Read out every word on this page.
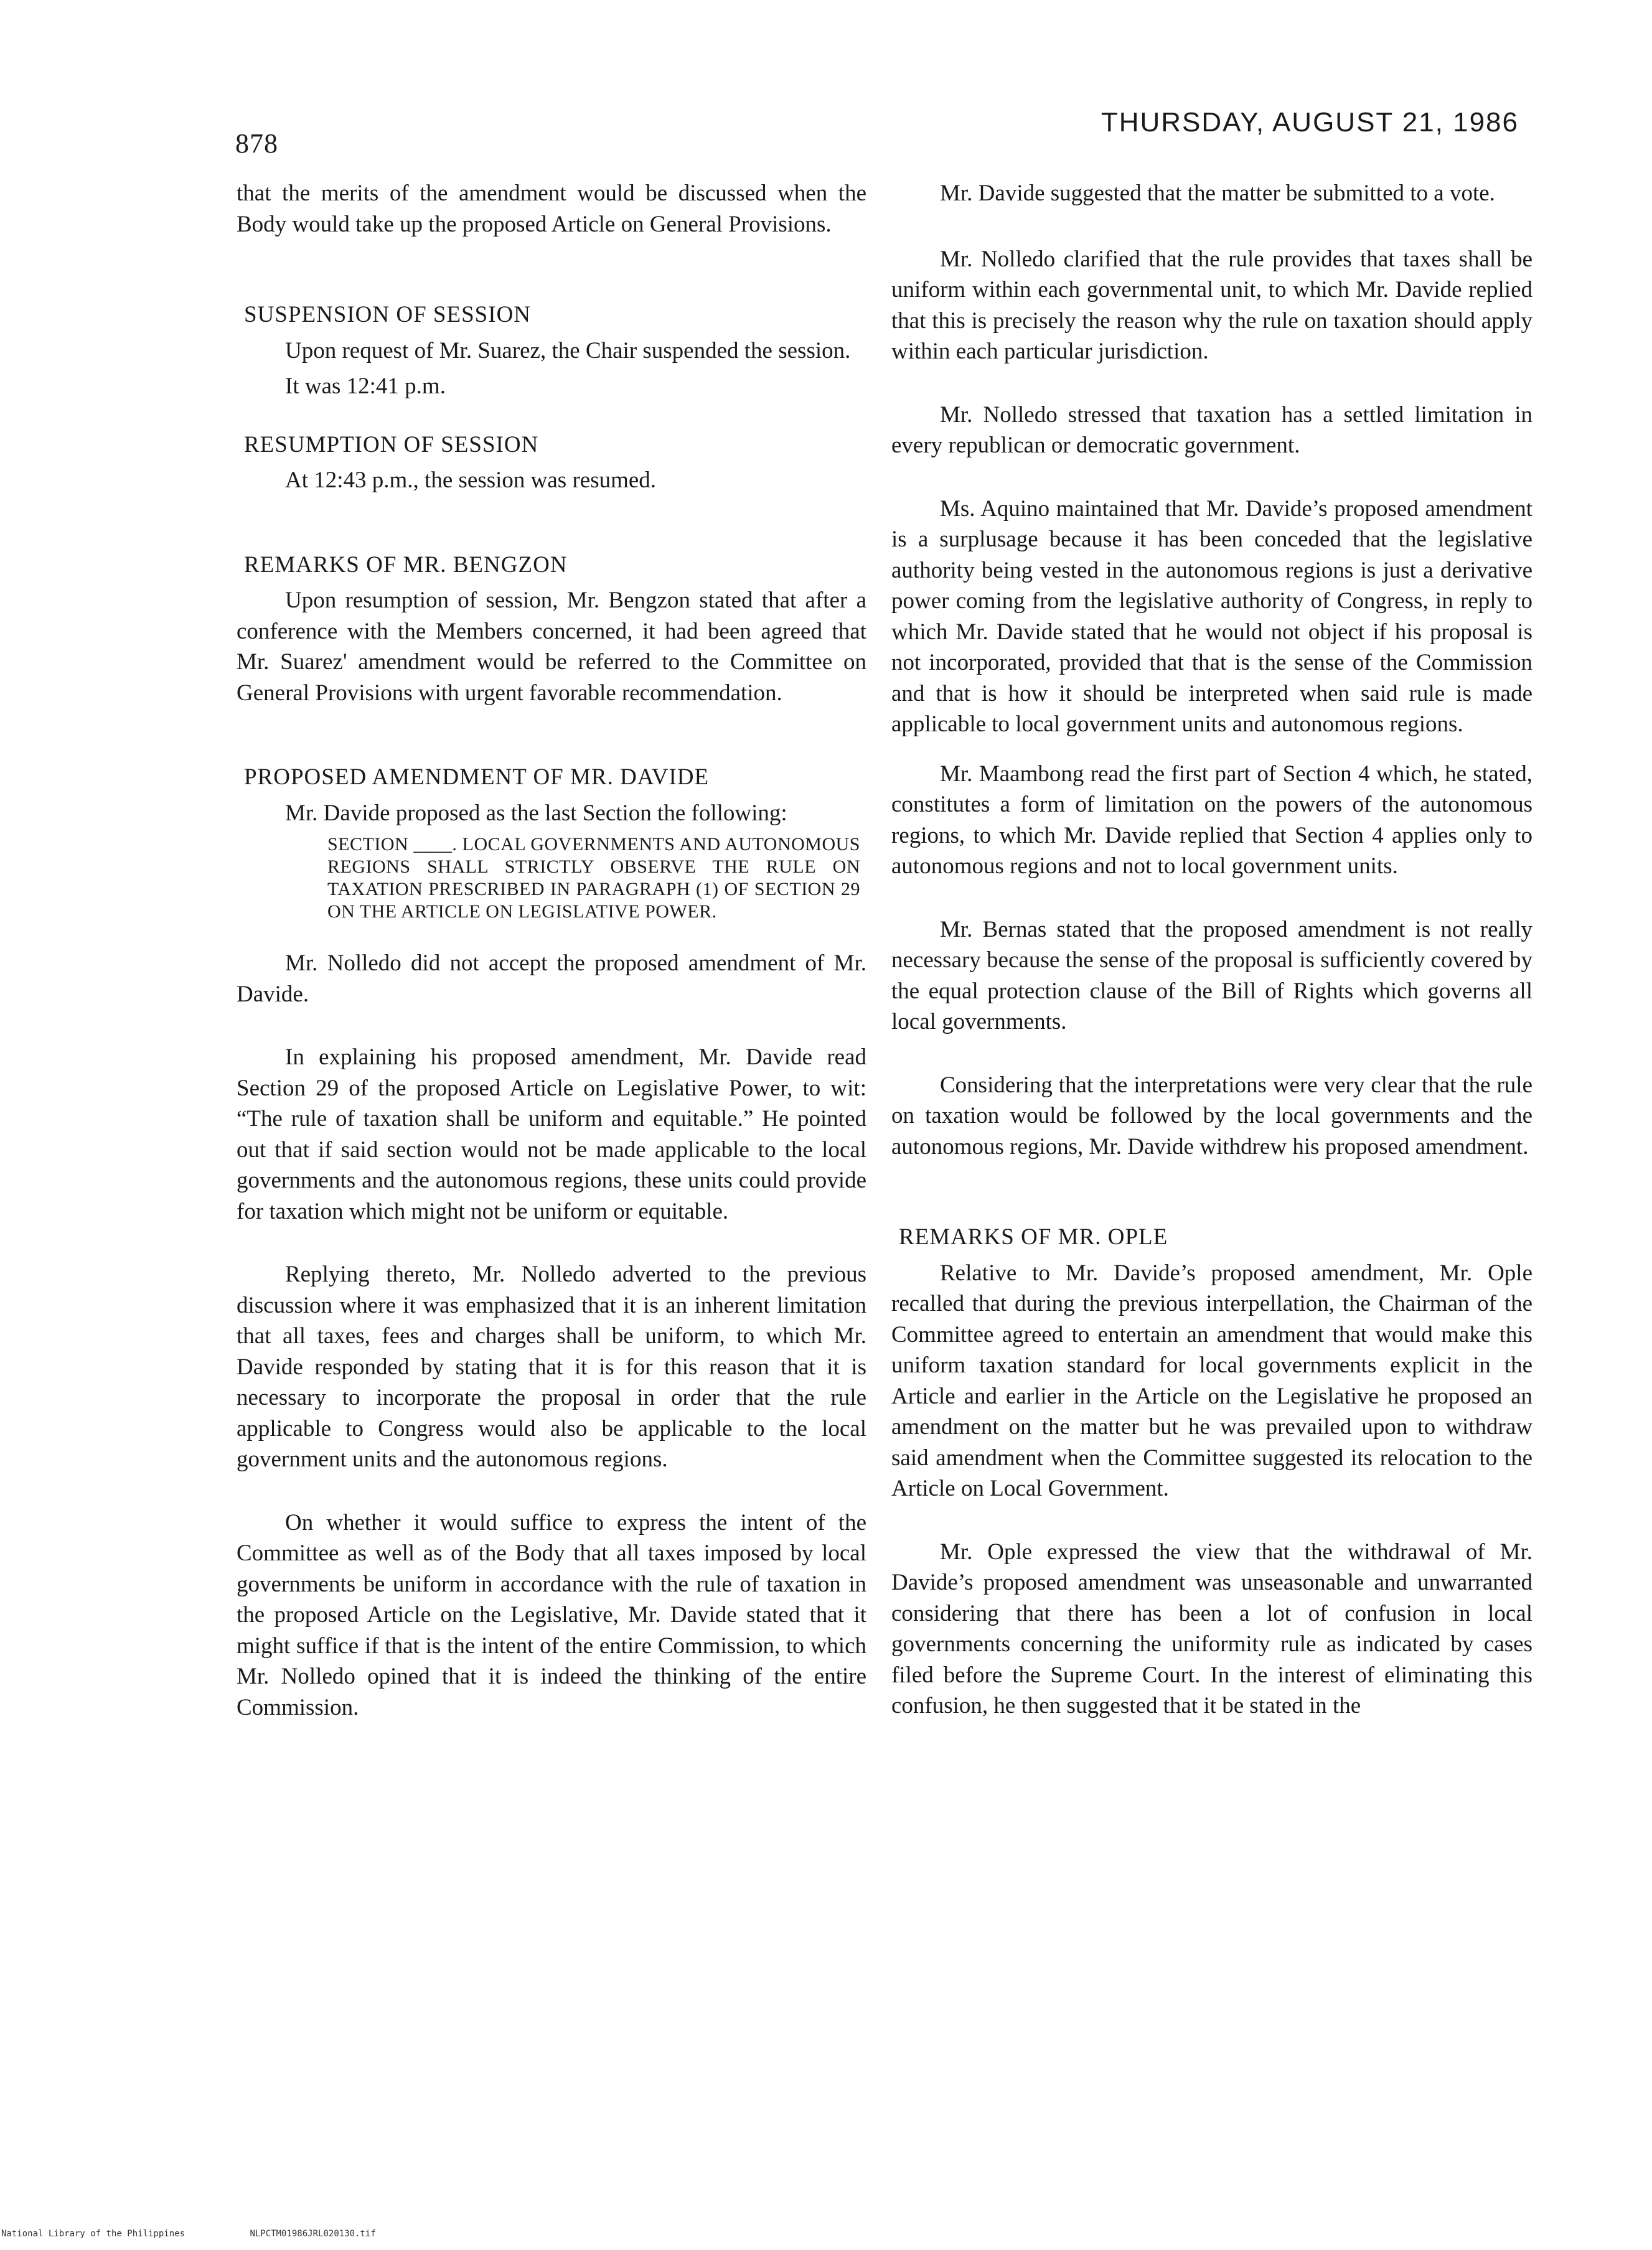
878
THURSDAY, AUGUST 21, 1986

that the merits of the amendment would be discussed when the Body would take up the proposed Article on General Provisions.

SUSPENSION OF SESSION

Upon request of Mr. Suarez, the Chair suspended the session.

It was 12:41 p.m.

RESUMPTION OF SESSION

At 12:43 p.m., the session was resumed.

REMARKS OF MR. BENGZON

Upon resumption of session, Mr. Bengzon stated that after a conference with the Members concerned, it had been agreed that Mr. Suarez' amendment would be referred to the Committee on General Provisions with urgent favorable recommendation.

PROPOSED AMENDMENT OF MR. DAVIDE

Mr. Davide proposed as the last Section the following:

SECTION ____. LOCAL GOVERNMENTS AND AUTONOMOUS REGIONS SHALL STRICTLY OBSERVE THE RULE ON TAXATION PRESCRIBED IN PARAGRAPH (1) OF SECTION 29 ON THE ARTICLE ON LEGISLATIVE POWER.

Mr. Nolledo did not accept the proposed amendment of Mr. Davide.

In explaining his proposed amendment, Mr. Davide read Section 29 of the proposed Article on Legislative Power, to wit: “The rule of taxation shall be uniform and equitable.” He pointed out that if said section would not be made applicable to the local governments and the autonomous regions, these units could provide for taxation which might not be uniform or equitable.

Replying thereto, Mr. Nolledo adverted to the previous discussion where it was emphasized that it is an inherent limitation that all taxes, fees and charges shall be uniform, to which Mr. Davide responded by stating that it is for this reason that it is necessary to incorporate the proposal in order that the rule applicable to Congress would also be applicable to the local government units and the autonomous regions.

On whether it would suffice to express the intent of the Committee as well as of the Body that all taxes imposed by local governments be uniform in accordance with the rule of taxation in the proposed Article on the Legislative, Mr. Davide stated that it might suffice if that is the intent of the entire Commission, to which Mr. Nolledo opined that it is indeed the thinking of the entire Commission.

Mr. Davide suggested that the matter be submitted to a vote.

Mr. Nolledo clarified that the rule provides that taxes shall be uniform within each governmental unit, to which Mr. Davide replied that this is precisely the reason why the rule on taxation should apply within each particular jurisdiction.

Mr. Nolledo stressed that taxation has a settled limitation in every republican or democratic government.

Ms. Aquino maintained that Mr. Davide’s proposed amendment is a surplusage because it has been conceded that the legislative authority being vested in the autonomous regions is just a derivative power coming from the legislative authority of Congress, in reply to which Mr. Davide stated that he would not object if his proposal is not incorporated, provided that that is the sense of the Commission and that is how it should be interpreted when said rule is made applicable to local government units and autonomous regions.

Mr. Maambong read the first part of Section 4 which, he stated, constitutes a form of limitation on the powers of the autonomous regions, to which Mr. Davide replied that Section 4 applies only to autonomous regions and not to local government units.

Mr. Bernas stated that the proposed amendment is not really necessary because the sense of the proposal is sufficiently covered by the equal protection clause of the Bill of Rights which governs all local governments.

Considering that the interpretations were very clear that the rule on taxation would be followed by the local governments and the autonomous regions, Mr. Davide withdrew his proposed amendment.

REMARKS OF MR. OPLE

Relative to Mr. Davide’s proposed amendment, Mr. Ople recalled that during the previous interpellation, the Chairman of the Committee agreed to entertain an amendment that would make this uniform taxation standard for local governments explicit in the Article and earlier in the Article on the Legislative he proposed an amendment on the matter but he was prevailed upon to withdraw said amendment when the Committee suggested its relocation to the Article on Local Government.

Mr. Ople expressed the view that the withdrawal of Mr. Davide’s proposed amendment was unseasonable and unwarranted considering that there has been a lot of confusion in local governments concerning the uniformity rule as indicated by cases filed before the Supreme Court. In the interest of eliminating this confusion, he then suggested that it be stated in the

National Library of the Philippines	NLPCTM01986JRL020130.tif
